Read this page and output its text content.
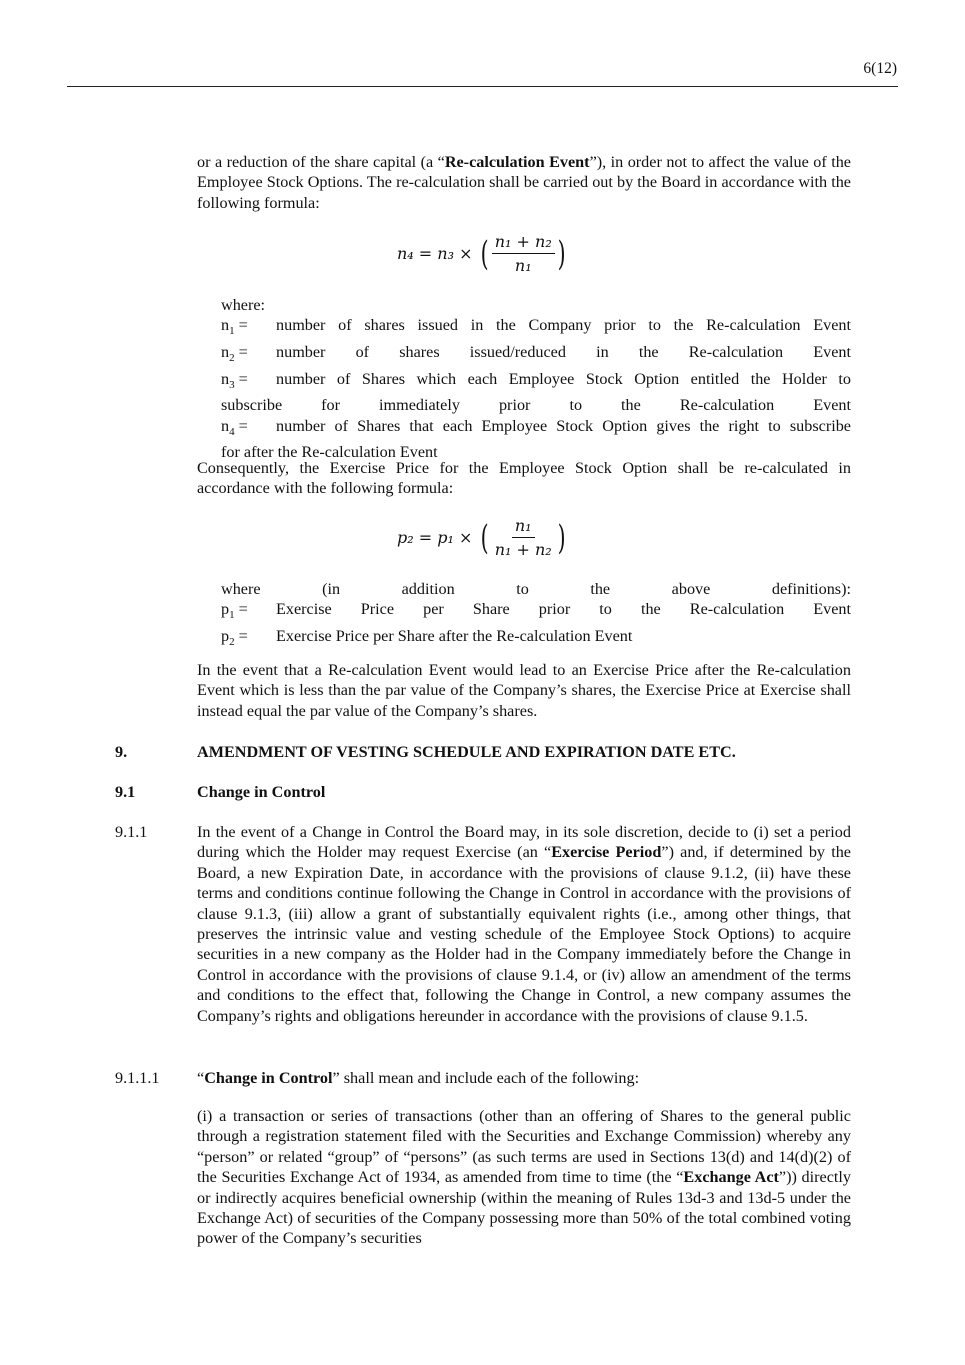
6(12)

or a reduction of the share capital (a “Re-calculation Event”), in order not to affect the value of the Employee Stock Options. The re-calculation shall be carried out by the Board in accordance with the following formula:

n₄ = n₃ × ( $\frac{\text{n₁ + n₂}}{\text{n₁}}$ )
where:
$n_1$ =	number of shares issued in the Company prior to the Re-calculation Event
$n_2$ =	number of shares issued/reduced in the Re-calculation Event
$n_3$ =	number of Shares which each Employee Stock Option entitled the Holder to
subscribe for immediately prior to the Re-calculation Event
$n_4$ =	number of Shares that each Employee Stock Option gives the right to subscribe
for after the Re-calculation Event

Consequently, the Exercise Price for the Employee Stock Option shall be re-calculated in accordance with the following formula:

p₂ = p₁ × ( $\frac{\text{n₁}}{\text{n₁ + n₂}}$ )
where (in addition to the above definitions):
$p_1$ =	Exercise Price per Share prior to the Re-calculation Event
$p_2$ =	Exercise Price per Share after the Re-calculation Event

In the event that a Re-calculation Event would lead to an Exercise Price after the Re-calculation Event which is less than the par value of the Company’s shares, the Exercise Price at Exercise shall instead equal the par value of the Company’s shares.

9.	AMENDMENT OF VESTING SCHEDULE AND EXPIRATION DATE ETC.

9.1	Change in Control

9.1.1	In the event of a Change in Control the Board may, in its sole discretion, decide to (i) set a period during which the Holder may request Exercise (an “Exercise Period”) and, if determined by the Board, a new Expiration Date, in accordance with the provisions of clause 9.1.2, (ii) have these terms and conditions continue following the Change in Control in accordance with the provisions of clause 9.1.3, (iii) allow a grant of substantially equivalent rights (i.e., among other things, that preserves the intrinsic value and vesting schedule of the Employee Stock Options) to acquire securities in a new company as the Holder had in the Company immediately before the Change in Control in accordance with the provisions of clause 9.1.4, or (iv) allow an amendment of the terms and conditions to the effect that, following the Change in Control, a new company assumes the Company’s rights and obligations hereunder in accordance with the provisions of clause 9.1.5.

9.1.1.1 “Change in Control” shall mean and include each of the following:

(i) a transaction or series of transactions (other than an offering of Shares to the general public through a registration statement filed with the Securities and Exchange Commission) whereby any “person” or related “group” of “persons” (as such terms are used in Sections 13(d) and 14(d)(2) of the Securities Exchange Act of 1934, as amended from time to time (the “Exchange Act”)) directly or indirectly acquires beneficial ownership (within the meaning of Rules 13d-3 and 13d-5 under the Exchange Act) of securities of the Company possessing more than 50% of the total combined voting power of the Company’s securities
